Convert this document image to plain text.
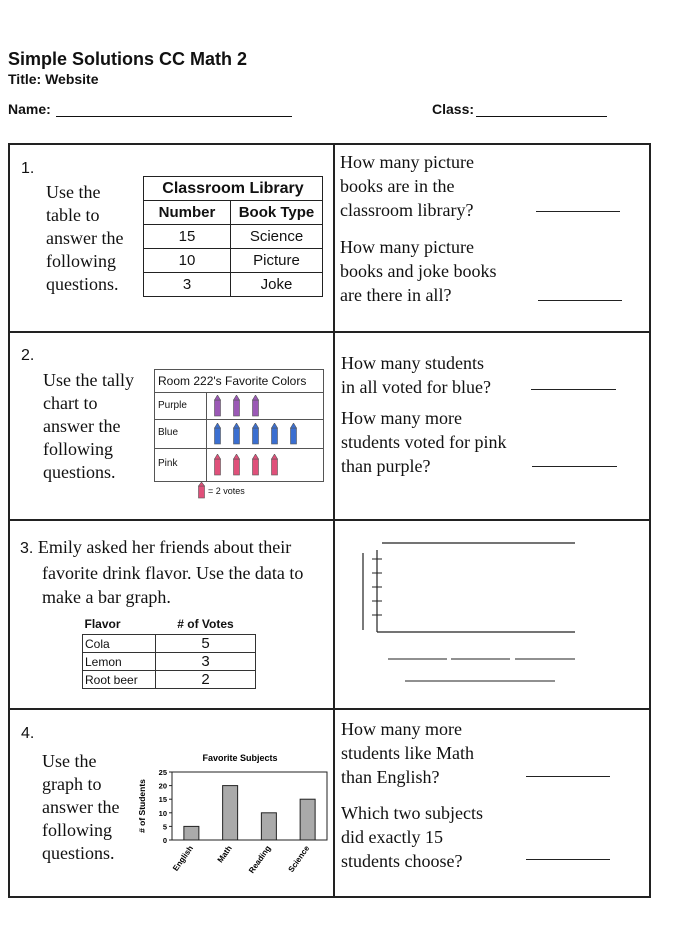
Simple Solutions CC Math 2
Title: Website
Name:	Class:
1.
Use the
table to
answer the
following
questions.
Classroom Library	
Number	Book Type
15	Science
10	Picture
3	Joke
How many picture
books are in the
classroom library?
How many picture
books and joke books
are there in all?
2.
Use the tally
chart to
answer the
following
questions.
Room 222's Favorite Colors
Purple
Blue
Pink
= 2 votes
How many students
in all voted for blue?
How many more
students voted for pink
than purple?
3. Emily asked her friends about their
favorite drink flavor. Use the data to
make a bar graph.
Flavor	# of Votes
Cola	5
Lemon	3
Root beer	2
4.
Use the
graph to
answer the
following
questions.
Favorite Subjects
# of Students
0
5
10
15
20
25
English	Math Reading Science
How many more
students like Math
than English?
Which two subjects
did exactly 15
students choose?
